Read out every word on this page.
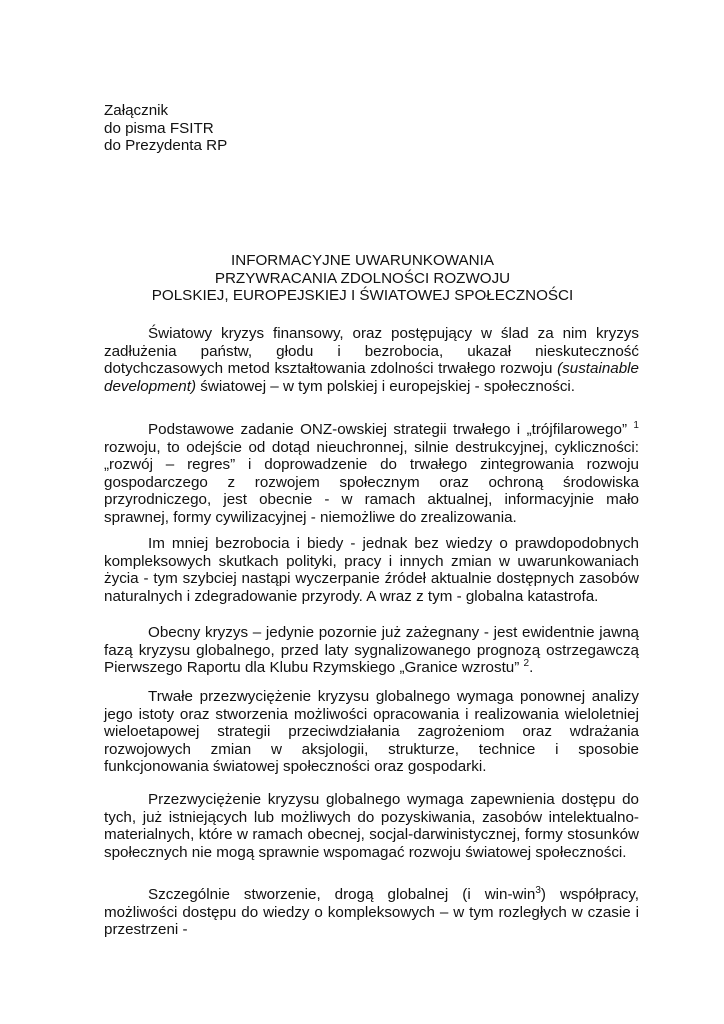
Załącznik
do pisma FSITR
do Prezydenta RP
INFORMACYJNE UWARUNKOWANIA
PRZYWRACANIA ZDOLNOŚCI ROZWOJU
POLSKIEJ, EUROPEJSKIEJ I ŚWIATOWEJ SPOŁECZNOŚCI
Światowy kryzys finansowy, oraz postępujący w ślad za nim kryzys zadłużenia państw, głodu i bezrobocia, ukazał nieskuteczność dotychczasowych metod kształtowania zdolności trwałego rozwoju (sustainable development) światowej – w tym polskiej i europejskiej - społeczności.
Podstawowe zadanie ONZ-owskiej strategii trwałego i „trójfilarowego” $^1$ rozwoju, to odejście od dotąd nieuchronnej, silnie destrukcyjnej, cykliczności: „rozwój – regres” i doprowadzenie do trwałego zintegrowania rozwoju gospodarczego z rozwojem społecznym oraz ochroną środowiska przyrodniczego, jest obecnie - w ramach aktualnej, informacyjnie mało sprawnej, formy cywilizacyjnej - niemożliwe do zrealizowania.
Im mniej bezrobocia i biedy - jednak bez wiedzy o prawdopodobnych kompleksowych skutkach polityki, pracy i innych zmian w uwarunkowaniach życia - tym szybciej nastąpi wyczerpanie źródeł aktualnie dostępnych zasobów naturalnych i zdegradowanie przyrody. A wraz z tym - globalna katastrofa.
Obecny kryzys – jedynie pozornie już zażegnany - jest ewidentnie jawną fazą kryzysu globalnego, przed laty sygnalizowanego prognozą ostrzegawczą Pierwszego Raportu dla Klubu Rzymskiego „Granice wzrostu” $^2$.
Trwałe przezwyciężenie kryzysu globalnego wymaga ponownej analizy jego istoty oraz stworzenia możliwości opracowania i realizowania wieloletniej wieloetapowej strategii przeciwdziałania zagrożeniom oraz wdrażania rozwojowych zmian w aksjologii, strukturze, technice i sposobie funkcjonowania światowej społeczności oraz gospodarki.
Przezwyciężenie kryzysu globalnego wymaga zapewnienia dostępu do tych, już istniejących lub możliwych do pozyskiwania, zasobów intelektualno-materialnych, które w ramach obecnej, socjal-darwinistycznej, formy stosunków społecznych nie mogą sprawnie wspomagać rozwoju światowej społeczności.
Szczególnie stworzenie, drogą globalnej (i win-win$^3$) współpracy, możliwości dostępu do wiedzy o kompleksowych – w tym rozległych w czasie i przestrzeni -
